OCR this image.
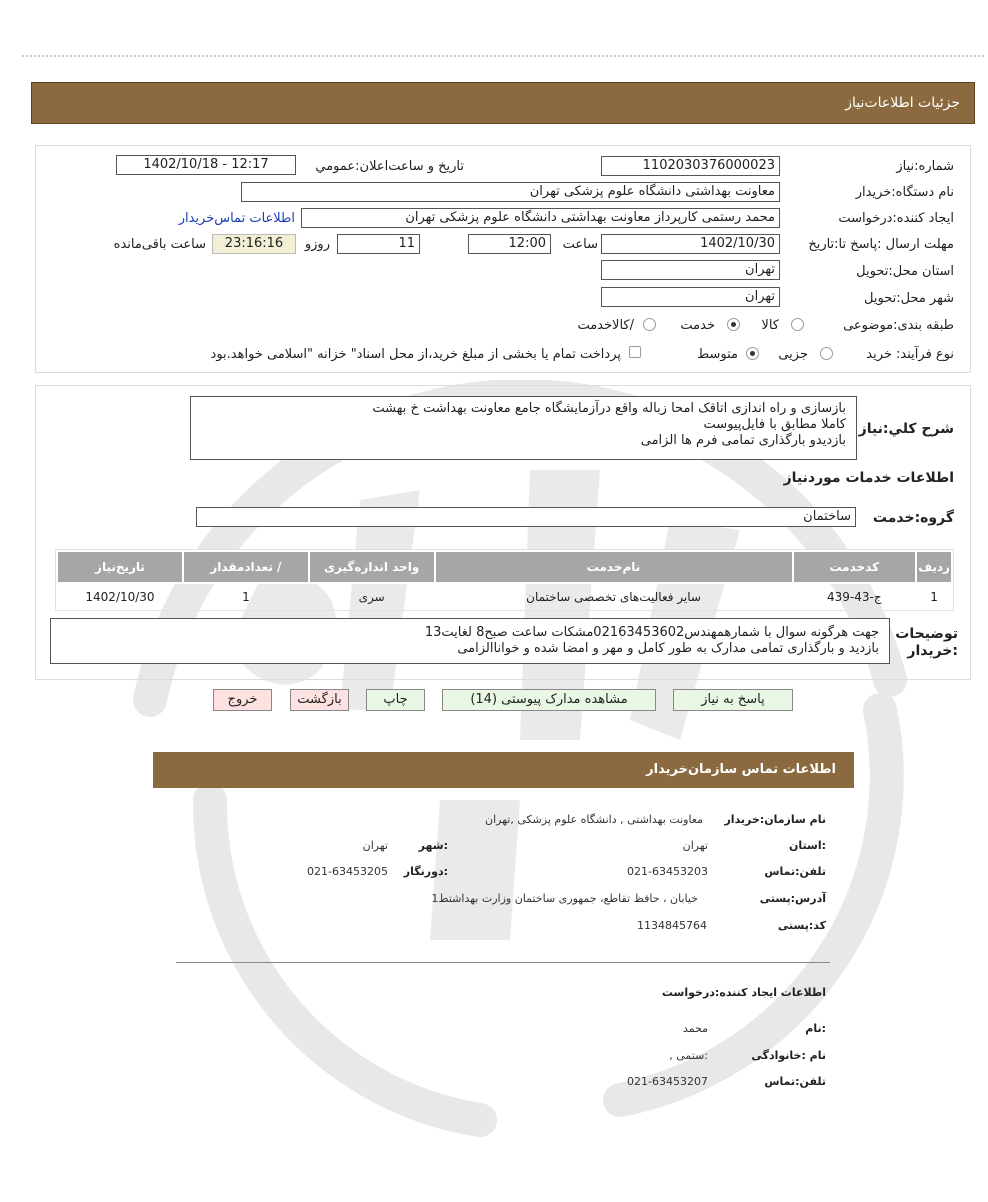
جزئیات اطلاعات‌نیاز
شماره:نیاز
1102030376000023
تاريخ و ساعت‌اعلان:عمومي
1402/10/18 - 12:17
نام دستگاه:خريدار
معاونت بهداشتی دانشگاه علوم پزشکی تهران
ایجاد کننده:درخواست
محمد رستمی کارپرداز معاونت بهداشتی دانشگاه علوم پزشکی تهران
اطلاعات تماس‌خریدار
مهلت ارسال :پاسخ تا:تاریخ
1402/10/30
ساعت
12:00
11
روزو
23:16:16
ساعت باقی‌مانده
استان محل:تحویل
تهران
شهر محل:تحویل
تهران
طبقه بندی:موضوعی
کالا
خدمت
/کالاخدمت
نوع فرآیند: خرید
جزیی
متوسط
پرداخت تمام یا بخشی از مبلغ خرید،از محل اسناد" خزانه "اسلامی خواهد.بود
شرح کلي:نیاز
بازسازی و راه اندازی اتاقک امحا زباله واقع درآزمایشگاه جامع معاونت بهداشت خ بهشت
کاملا مطابق با فایل‌پیوست
بازدیدو بارگذاری تمامی فرم ها الزامی
اطلاعات خدمات موردنیاز
گروه:خدمت
ساختمان
ردیف	کدخدمت	نام‌خدمت	واحد اندازه‌گیری	/ تعدادمقدار	تاریخ‌نیاز
1	ج-43-439	سایر فعالیت‌های تخصصی ساختمان	سری	1	1402/10/30
توضیحات :خریدار
جهت هرگونه سوال با شمارهمهندس02163453602مشکات ساعت صبح8 لغایت13
بازدید و بارگذاری تمامی مدارک به طور کامل و مهر و امضا شده و خواناالزامی
پاسخ به نیاز
مشاهده مدارک پیوستی (14)
چاپ
بازگشت
خروج
اطلاعات تماس سازمان‌خریدار
نام سازمان:خریدار
معاونت بهداشتی , دانشگاه علوم پزشکی ,تهران
:استان
تهران
:شهر
تهران
تلفن:تماس
021-63453203
:دورنگار
021-63453205
آدرس:پستی
خیابان ، حافظ تقاطع، جمهوری ساختمان وزارت بهداشتط1
کد:پستی
1134845764
اطلاعات ایجاد کننده:درخواست
:نام
محمد
نام :خانوادگی
:ستمی ,
تلفن:تماس
021-63453207
